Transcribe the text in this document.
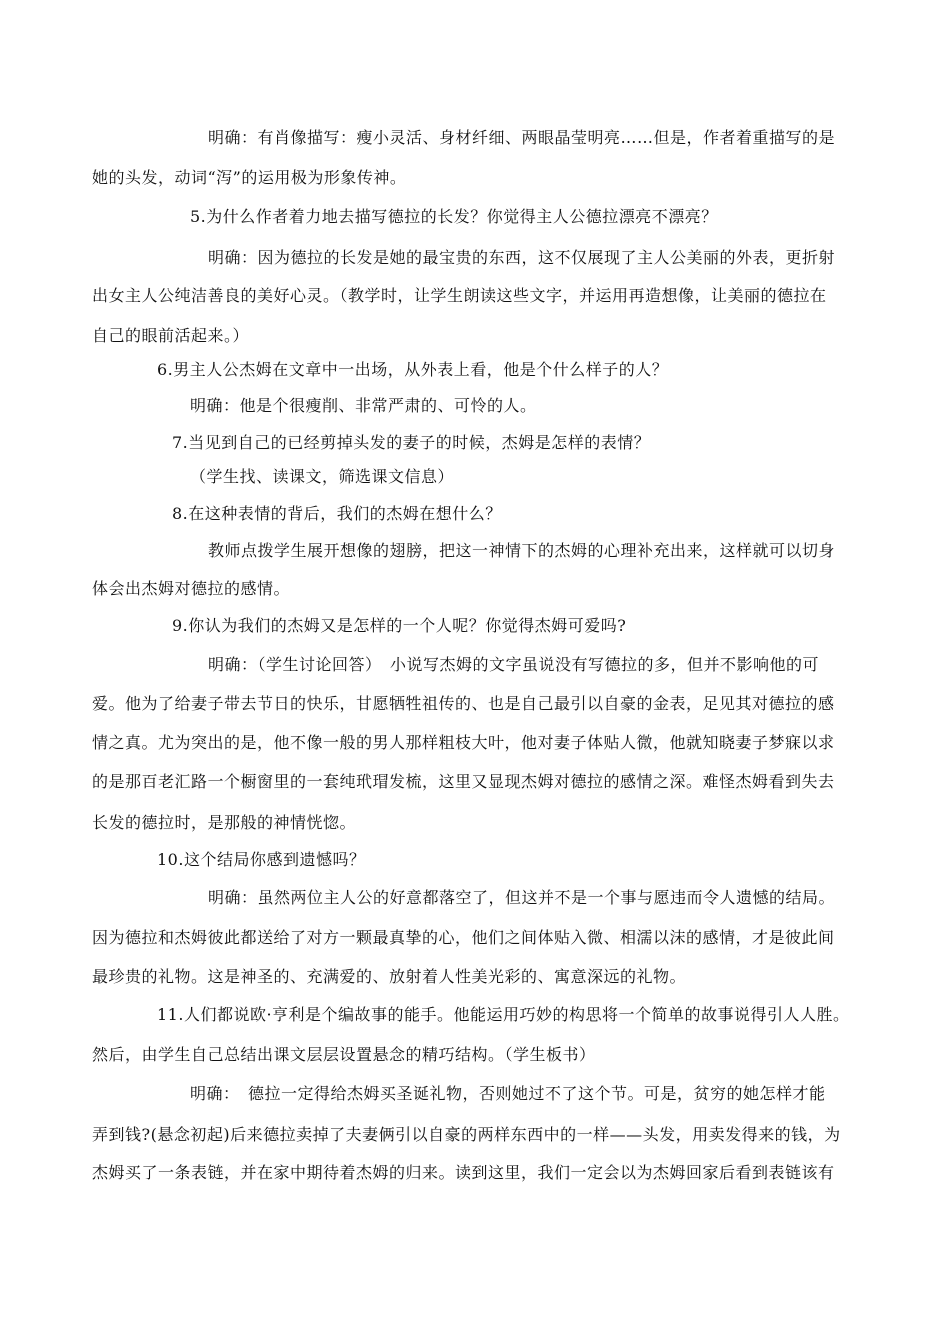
明确：有肖像描写：瘦小灵活、身材纤细、两眼晶莹明亮……但是，作者着重描写的是
她的头发，动词“泻”的运用极为形象传神。
5.为什么作者着力地去描写德拉的长发？你觉得主人公德拉漂亮不漂亮？
明确：因为德拉的长发是她的最宝贵的东西，这不仅展现了主人公美丽的外表，更折射
出女主人公纯洁善良的美好心灵。（教学时，让学生朗读这些文字，并运用再造想像，让美丽的德拉在
自己的眼前活起来。）
6.男主人公杰姆在文章中一出场，从外表上看，他是个什么样子的人？
明确：他是个很瘦削、非常严肃的、可怜的人。
7.当见到自己的已经剪掉头发的妻子的时候，杰姆是怎样的表情？
（学生找、读课文，筛选课文信息）
8.在这种表情的背后，我们的杰姆在想什么？
教师点拨学生展开想像的翅膀，把这一神情下的杰姆的心理补充出来，这样就可以切身
体会出杰姆对德拉的感情。
9.你认为我们的杰姆又是怎样的一个人呢？你觉得杰姆可爱吗?
明确：（学生讨论回答）　小说写杰姆的文字虽说没有写德拉的多，但并不影响他的可
爱。他为了给妻子带去节日的快乐，甘愿牺牲祖传的、也是自己最引以自豪的金表，足见其对德拉的感
情之真。尤为突出的是，他不像一般的男人那样粗枝大叶，他对妻子体贴人微，他就知晓妻子梦寐以求
的是那百老汇路一个橱窗里的一套纯玳瑁发梳，这里又显现杰姆对德拉的感情之深。难怪杰姆看到失去
长发的德拉时，是那般的神情恍惚。
10.这个结局你感到遗憾吗？
明确：虽然两位主人公的好意都落空了，但这并不是一个事与愿违而令人遗憾的结局。
因为德拉和杰姆彼此都送给了对方一颗最真挚的心，他们之间体贴入微、相濡以沫的感情，才是彼此间
最珍贵的礼物。这是神圣的、充满爱的、放射着人性美光彩的、寓意深远的礼物。
11.人们都说欧·亨利是个编故事的能手。他能运用巧妙的构思将一个简单的故事说得引人人胜。
然后，由学生自己总结出课文层层设置悬念的精巧结构。（学生板书）
明确：　德拉一定得给杰姆买圣诞礼物，否则她过不了这个节。可是，贫穷的她怎样才能
弄到钱?(悬念初起)后来德拉卖掉了夫妻俩引以自豪的两样东西中的一样——头发，用卖发得来的钱，为
杰姆买了一条表链，并在家中期待着杰姆的归来。读到这里，我们一定会以为杰姆回家后看到表链该有
